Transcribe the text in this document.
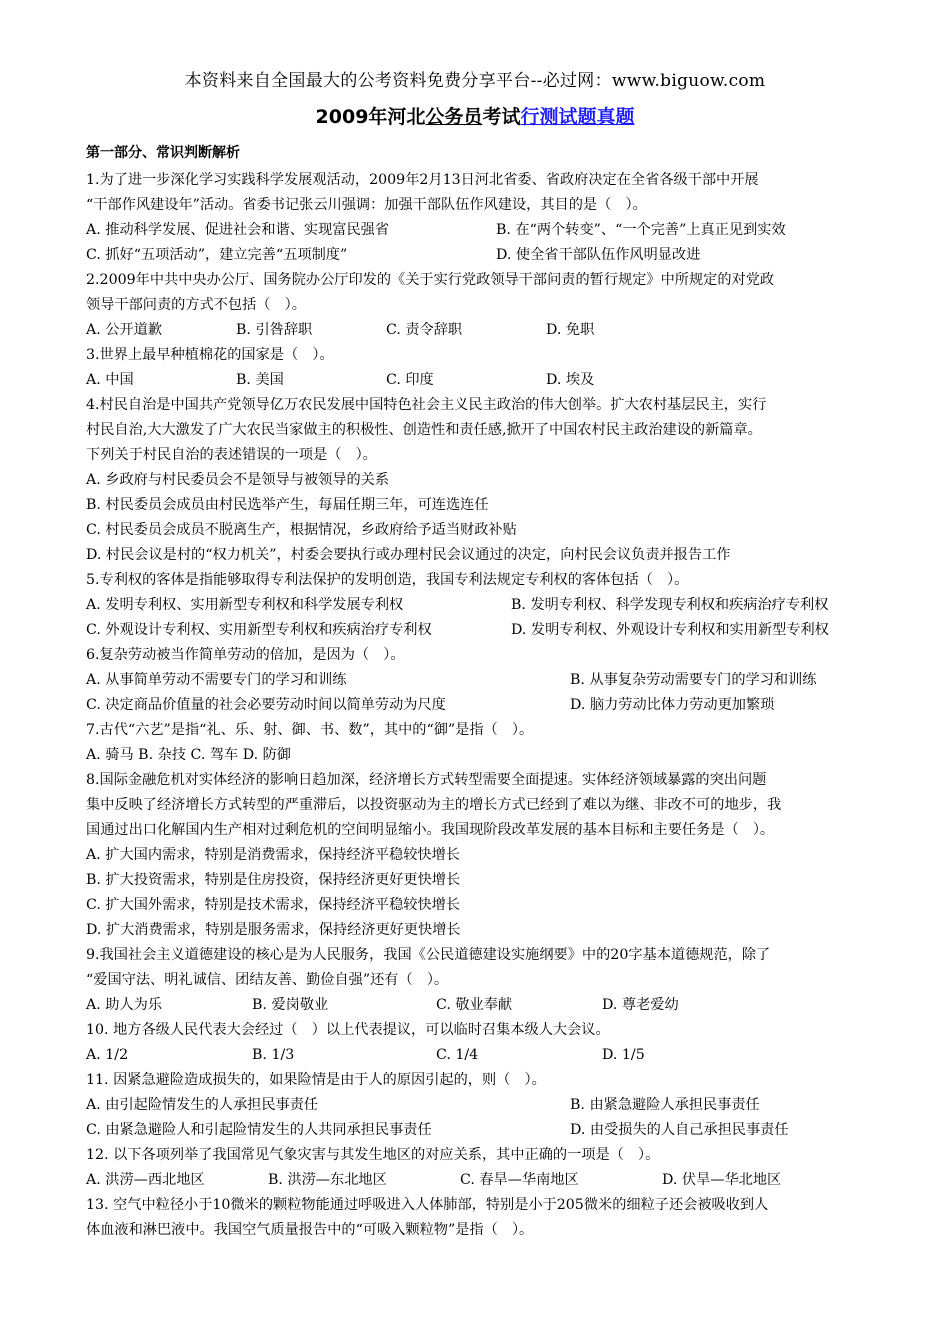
本资料来自全国最大的公考资料免费分享平台--必过网：www.biguow.com
2009年河北公务员考试行测试题真题
第一部分、常识判断解析
1.为了进一步深化学习实践科学发展观活动，2009年2月13日河北省委、省政府决定在全省各级干部中开展
“干部作风建设年”活动。省委书记张云川强调：加强干部队伍作风建设，其目的是（　）。
A. 推动科学发展、促进社会和谐、实现富民强省	B. 在“两个转变”、“一个完善”上真正见到实效
C. 抓好“五项活动”，建立完善“五项制度”	D. 使全省干部队伍作风明显改进
2.2009年中共中央办公厅、国务院办公厅印发的《关于实行党政领导干部问责的暂行规定》中所规定的对党政
领导干部问责的方式不包括（　）。
A. 公开道歉	B. 引咎辞职	C. 责令辞职	D. 免职
3.世界上最早种植棉花的国家是（　）。
A. 中国	B. 美国	C. 印度	D. 埃及
4.村民自治是中国共产党领导亿万农民发展中国特色社会主义民主政治的伟大创举。扩大农村基层民主，实行
村民自治,大大激发了广大农民当家做主的积极性、创造性和责任感,掀开了中国农村民主政治建设的新篇章。
下列关于村民自治的表述错误的一项是（　）。
A. 乡政府与村民委员会不是领导与被领导的关系
B. 村民委员会成员由村民选举产生，每届任期三年，可连选连任
C. 村民委员会成员不脱离生产，根据情况，乡政府给予适当财政补贴
D. 村民会议是村的“权力机关”，村委会要执行或办理村民会议通过的决定，向村民会议负责并报告工作
5.专利权的客体是指能够取得专利法保护的发明创造，我国专利法规定专利权的客体包括（　）。
A. 发明专利权、实用新型专利权和科学发展专利权	B. 发明专利权、科学发现专利权和疾病治疗专利权
C. 外观设计专利权、实用新型专利权和疾病治疗专利权	D. 发明专利权、外观设计专利权和实用新型专利权
6.复杂劳动被当作简单劳动的倍加，是因为（　）。
A. 从事简单劳动不需要专门的学习和训练	B. 从事复杂劳动需要专门的学习和训练
C. 决定商品价值量的社会必要劳动时间以简单劳动为尺度	D. 脑力劳动比体力劳动更加繁琐
7.古代“六艺”是指“礼、乐、射、御、书、数”，其中的“御”是指（　）。
A. 骑马 B. 杂技 C. 驾车 D. 防御
8.国际金融危机对实体经济的影响日趋加深，经济增长方式转型需要全面提速。实体经济领域暴露的突出问题
集中反映了经济增长方式转型的严重滞后，以投资驱动为主的增长方式已经到了难以为继、非改不可的地步，我
国通过出口化解国内生产相对过剩危机的空间明显缩小。我国现阶段改革发展的基本目标和主要任务是（　）。
A. 扩大国内需求，特别是消费需求，保持经济平稳较快增长
B. 扩大投资需求，特别是住房投资，保持经济更好更快增长
C. 扩大国外需求，特别是技术需求，保持经济平稳较快增长
D. 扩大消费需求，特别是服务需求，保持经济更好更快增长
9.我国社会主义道德建设的核心是为人民服务，我国《公民道德建设实施纲要》中的20字基本道德规范，除了
“爱国守法、明礼诚信、团结友善、勤俭自强”还有（　）。
A. 助人为乐	B. 爱岗敬业	C. 敬业奉献	D. 尊老爱幼
10. 地方各级人民代表大会经过（　）以上代表提议，可以临时召集本级人大会议。
A. 1/2	B. 1/3	C. 1/4	D. 1/5
11. 因紧急避险造成损失的，如果险情是由于人的原因引起的，则（　）。
A. 由引起险情发生的人承担民事责任	B. 由紧急避险人承担民事责任
C. 由紧急避险人和引起险情发生的人共同承担民事责任	D. 由受损失的人自己承担民事责任
12. 以下各项列举了我国常见气象灾害与其发生地区的对应关系，其中正确的一项是（　）。
A. 洪涝—西北地区	B. 洪涝—东北地区	C. 春旱—华南地区	D. 伏旱—华北地区
13. 空气中粒径小于10微米的颗粒物能通过呼吸进入人体肺部，特别是小于205微米的细粒子还会被吸收到人
体血液和淋巴液中。我国空气质量报告中的“可吸入颗粒物”是指（　）。
